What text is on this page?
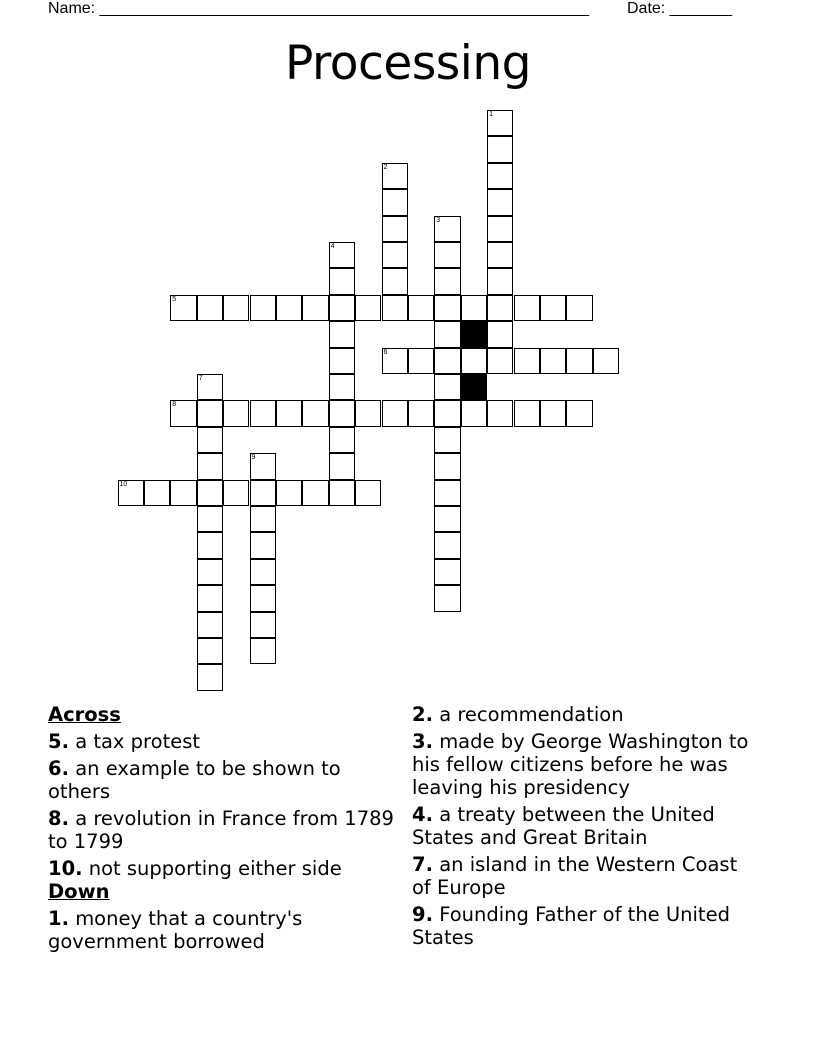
Name: _______________________________________________________ Date: _______
Processing
1
2
3
4
5
6
7
8
9
10
Across
5. a tax protest
6. an example to be shown to others
8. a revolution in France from 1789 to 1799
10. not supporting either side
Down
1. money that a country's government borrowed
2. a recommendation
3. made by George Washington to his fellow citizens before he was leaving his presidency
4. a treaty between the United States and Great Britain
7. an island in the Western Coast of Europe
9. Founding Father of the United States
